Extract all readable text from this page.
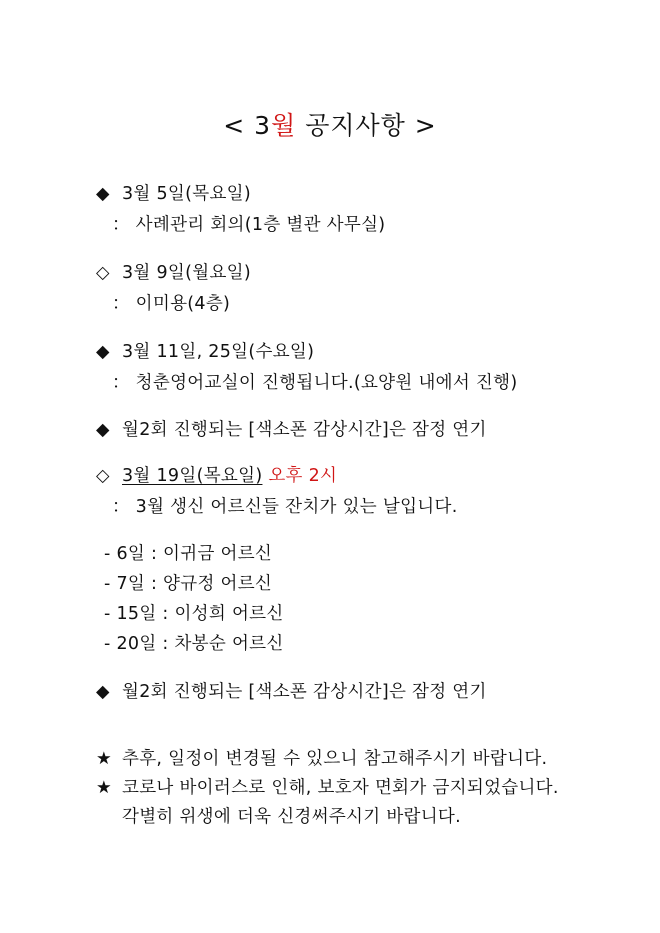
< 3월 공지사항 >
◆ 3월 5일(목요일)
： 사례관리 회의(1층 별관 사무실)
◇ 3월 9일(월요일)
： 이미용(4층)
◆ 3월 11일, 25일(수요일)
： 청춘영어교실이 진행됩니다.(요양원 내에서 진행)
◆ 월2회 진행되는 [색소폰 감상시간]은 잠정 연기
◇ 3월 19일(목요일) 오후 2시
： 3월 생신 어르신들 잔치가 있는 날입니다.
- 6일 : 이귀금 어르신
- 7일 : 양규정 어르신
- 15일 : 이성희 어르신
- 20일 : 차봉순 어르신
◆ 월2회 진행되는 [색소폰 감상시간]은 잠정 연기
★ 추후, 일정이 변경될 수 있으니 참고해주시기 바랍니다.
★ 코로나 바이러스로 인해, 보호자 면회가 금지되었습니다.
각별히 위생에 더욱 신경써주시기 바랍니다.
